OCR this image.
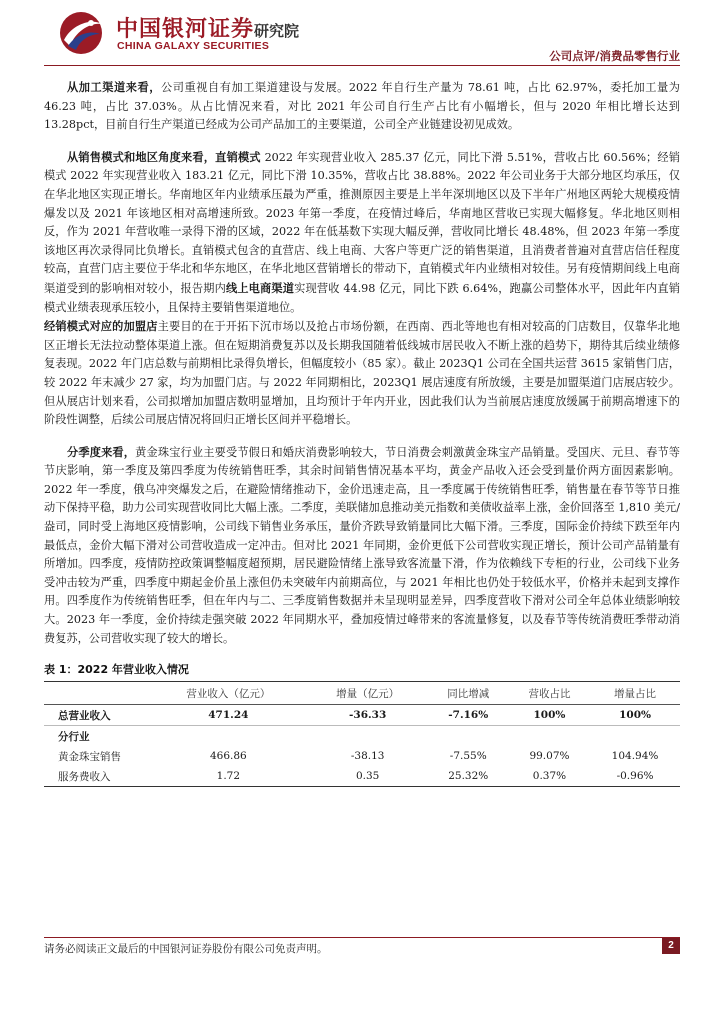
中国银河证券
CHINA GALAXY SECURITIES
研究院
公司点评/消费品零售行业

从加工渠道来看，公司重视自有加工渠道建设与发展。2022 年自行生产量为 78.61 吨，占比 62.97%，委托加工量为 46.23 吨，占比 37.03%。从占比情况来看，对比 2021 年公司自行生产占比有小幅增长，但与 2020 年相比增长达到 13.28pct，目前自行生产渠道已经成为公司产品加工的主要渠道，公司全产业链建设初见成效。

从销售模式和地区角度来看，直销模式 2022 年实现营业收入 285.37 亿元，同比下滑 5.51%，营收占比 60.56%；经销模式 2022 年实现营业收入 183.21 亿元，同比下滑 10.35%，营收占比 38.88%。2022 年公司业务于大部分地区均承压，仅在华北地区实现正增长。华南地区年内业绩承压最为严重，推测原因主要是上半年深圳地区以及下半年广州地区两轮大规模疫情爆发以及 2021 年该地区相对高增速所致。2023 年第一季度，在疫情过峰后，华南地区营收已实现大幅修复。华北地区则相反，作为 2021 年营收唯一录得下滑的区域，2022 年在低基数下实现大幅反弹，营收同比增长 48.48%，但 2023 年第一季度该地区再次录得同比负增长。直销模式包含的直营店、线上电商、大客户等更广泛的销售渠道，且消费者普遍对直营店信任程度较高，直营门店主要位于华北和华东地区，在华北地区营销增长的带动下，直销模式年内业绩相对较佳。另有疫情期间线上电商渠道受到的影响相对较小，报告期内线上电商渠道实现营收 44.98 亿元，同比下跌 6.64%，跑赢公司整体水平，因此年内直销模式业绩表现承压较小，且保持主要销售渠道地位。

经销模式对应的加盟店主要目的在于开拓下沉市场以及抢占市场份额，在西南、西北等地也有相对较高的门店数目，仅靠华北地区正增长无法拉动整体渠道上涨。但在短期消费复苏以及长期我国随着低线城市居民收入不断上涨的趋势下，期待其后续业绩修复表现。2022 年门店总数与前期相比录得负增长，但幅度较小（85 家）。截止 2023Q1 公司在全国共运营 3615 家销售门店，较 2022 年末减少 27 家，均为加盟门店。与 2022 年同期相比，2023Q1 展店速度有所放缓，主要是加盟渠道门店展店较少。但从展店计划来看，公司拟增加加盟店数明显增加，且均预计于年内开业，因此我们认为当前展店速度放缓属于前期高增速下的阶段性调整，后续公司展店情况将回归正增长区间并平稳增长。

分季度来看，黄金珠宝行业主要受节假日和婚庆消费影响较大，节日消费会刺激黄金珠宝产品销量。受国庆、元旦、春节等节庆影响，第一季度及第四季度为传统销售旺季，其余时间销售情况基本平均，黄金产品收入还会受到量价两方面因素影响。2022 年一季度，俄乌冲突爆发之后，在避险情绪推动下，金价迅速走高，且一季度属于传统销售旺季，销售量在春节等节日推动下保持平稳，助力公司实现营收同比大幅上涨。二季度，美联储加息推动美元指数和美债收益率上涨，金价回落至 1,810 美元/盎司，同时受上海地区疫情影响，公司线下销售业务承压，量价齐跌导致销量同比大幅下滑。三季度，国际金价持续下跌至年内最低点，金价大幅下滑对公司营收造成一定冲击。但对比 2021 年同期，金价更低下公司营收实现正增长，预计公司产品销量有所增加。四季度，疫情防控政策调整幅度超预期，居民避险情绪上涨导致客流量下滑，作为依赖线下专柜的行业，公司线下业务受冲击较为严重，四季度中期起金价虽上涨但仍未突破年内前期高位，与 2021 年相比也仍处于较低水平，价格并未起到支撑作用。四季度作为传统销售旺季，但在年内与二、三季度销售数据并未呈现明显差异，四季度营收下滑对公司全年总体业绩影响较大。2023 年一季度，金价持续走强突破 2022 年同期水平，叠加疫情过峰带来的客流量修复，以及春节等传统消费旺季带动消费复苏，公司营收实现了较大的增长。

表 1：2022 年营业收入情况
	营业收入（亿元）	增量（亿元）	同比增减	营收占比	增量占比
总营业收入	471.24	-36.33	-7.16%	100%	100%
分行业					
黄金珠宝销售	466.86	-38.13	-7.55%	99.07%	104.94%
服务费收入	1.72	0.35	25.32%	0.37%	-0.96%
请务必阅读正文最后的中国银河证券股份有限公司免责声明。	2
